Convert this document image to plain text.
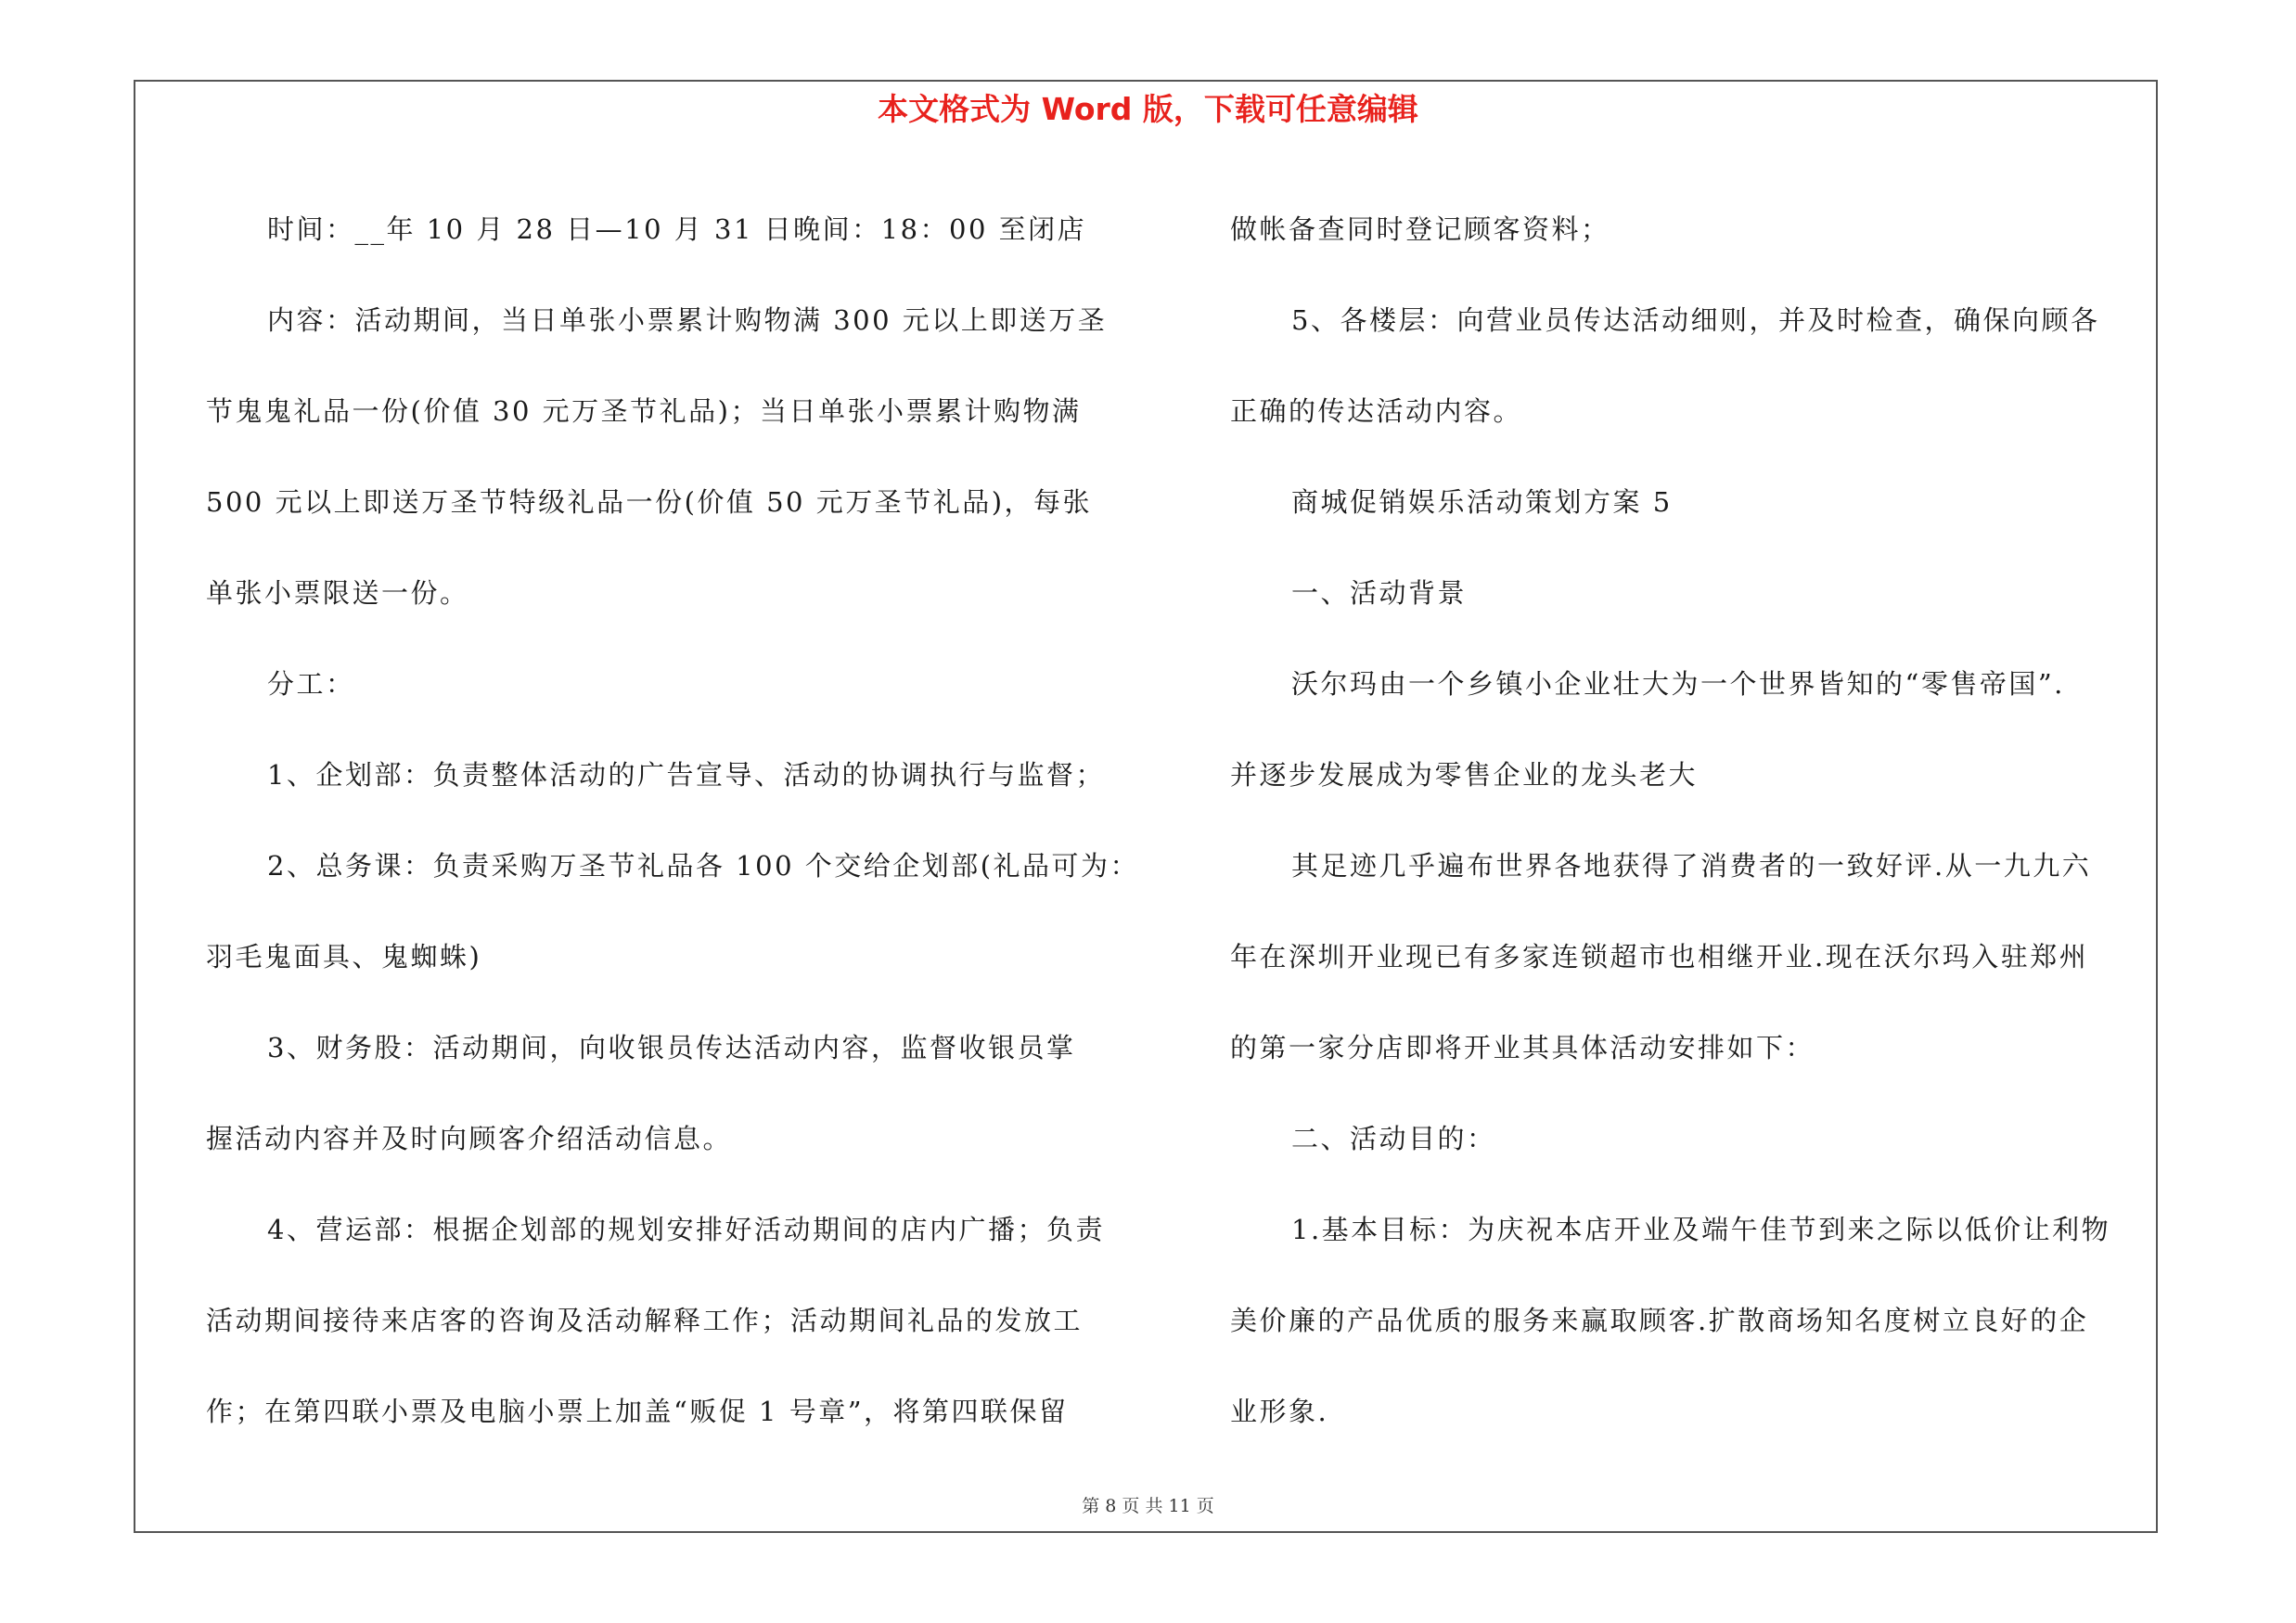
本文格式为 Word 版，下载可任意编辑

时间：__年 10 月 28 日—10 月 31 日晚间：18：00 至闭店

内容：活动期间，当日单张小票累计购物满 300 元以上即送万圣

节鬼鬼礼品一份(价值 30 元万圣节礼品)；当日单张小票累计购物满

500 元以上即送万圣节特级礼品一份(价值 50 元万圣节礼品)，每张

单张小票限送一份。

分工：

1、企划部：负责整体活动的广告宣导、活动的协调执行与监督；

2、总务课：负责采购万圣节礼品各 100 个交给企划部(礼品可为：

羽毛鬼面具、鬼蜘蛛)

3、财务股：活动期间，向收银员传达活动内容，监督收银员掌

握活动内容并及时向顾客介绍活动信息。

4、营运部：根据企划部的规划安排好活动期间的店内广播；负责

活动期间接待来店客的咨询及活动解释工作；活动期间礼品的发放工

作；在第四联小票及电脑小票上加盖“贩促 1 号章”，将第四联保留

做帐备查同时登记顾客资料；

5、各楼层：向营业员传达活动细则，并及时检查，确保向顾各

正确的传达活动内容。

商城促销娱乐活动策划方案 5

一、活动背景

沃尔玛由一个乡镇小企业壮大为一个世界皆知的“零售帝国”.

并逐步发展成为零售企业的龙头老大

其足迹几乎遍布世界各地获得了消费者的一致好评.从一九九六

年在深圳开业现已有多家连锁超市也相继开业.现在沃尔玛入驻郑州

的第一家分店即将开业其具体活动安排如下：

二、活动目的：

1.基本目标：为庆祝本店开业及端午佳节到来之际以低价让利物

美价廉的产品优质的服务来赢取顾客.扩散商场知名度树立良好的企

业形象.

第 8 页 共 11 页
